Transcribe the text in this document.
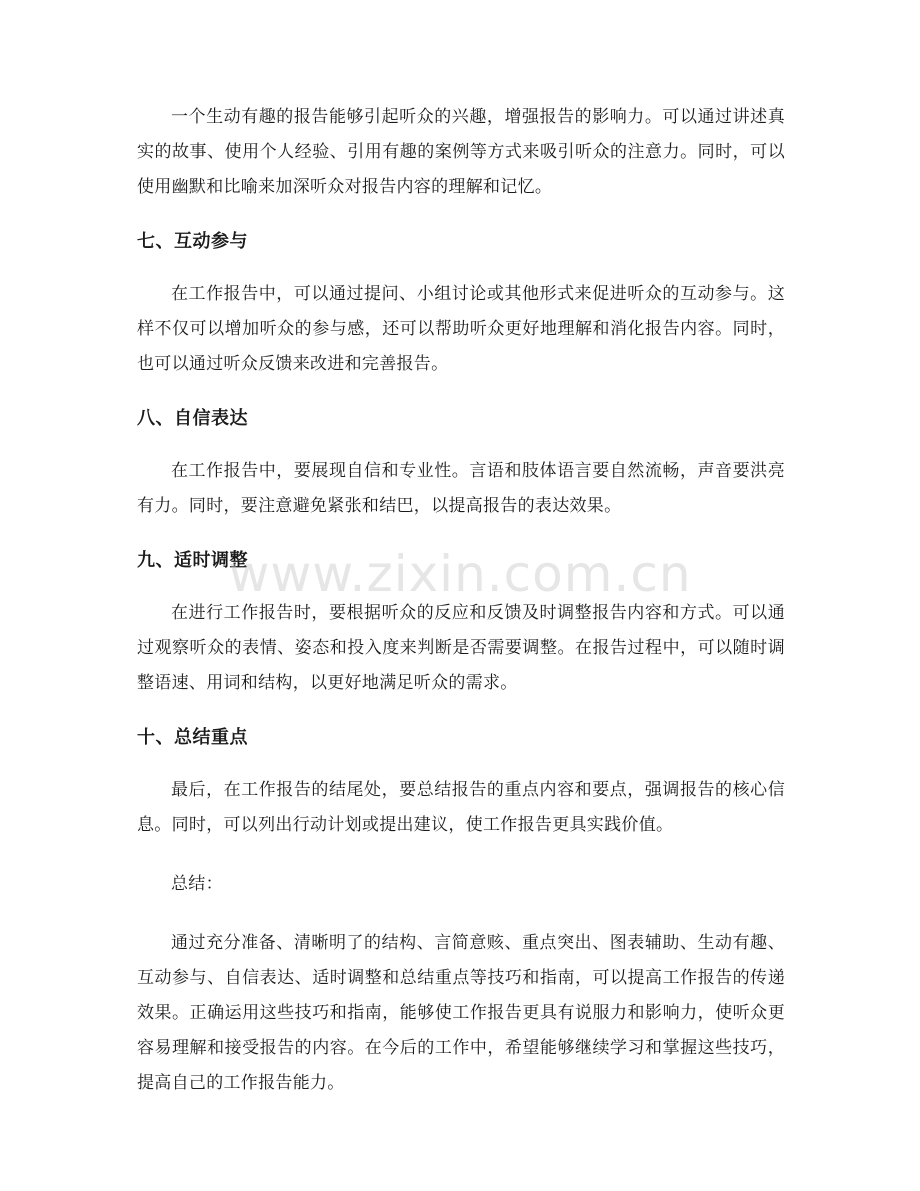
一个生动有趣的报告能够引起听众的兴趣，增强报告的影响力。可以通过讲述真实的故事、使用个人经验、引用有趣的案例等方式来吸引听众的注意力。同时，可以使用幽默和比喻来加深听众对报告内容的理解和记忆。

七、互动参与

在工作报告中，可以通过提问、小组讨论或其他形式来促进听众的互动参与。这样不仅可以增加听众的参与感，还可以帮助听众更好地理解和消化报告内容。同时，也可以通过听众反馈来改进和完善报告。

八、自信表达

在工作报告中，要展现自信和专业性。言语和肢体语言要自然流畅，声音要洪亮有力。同时，要注意避免紧张和结巴，以提高报告的表达效果。

九、适时调整

在进行工作报告时，要根据听众的反应和反馈及时调整报告内容和方式。可以通过观察听众的表情、姿态和投入度来判断是否需要调整。在报告过程中，可以随时调整语速、用词和结构，以更好地满足听众的需求。

十、总结重点

最后，在工作报告的结尾处，要总结报告的重点内容和要点，强调报告的核心信息。同时，可以列出行动计划或提出建议，使工作报告更具实践价值。

总结：

通过充分准备、清晰明了的结构、言简意赅、重点突出、图表辅助、生动有趣、互动参与、自信表达、适时调整和总结重点等技巧和指南，可以提高工作报告的传递效果。正确运用这些技巧和指南，能够使工作报告更具有说服力和影响力，使听众更容易理解和接受报告的内容。在今后的工作中，希望能够继续学习和掌握这些技巧，提高自己的工作报告能力。

www.zixin.com.cn
